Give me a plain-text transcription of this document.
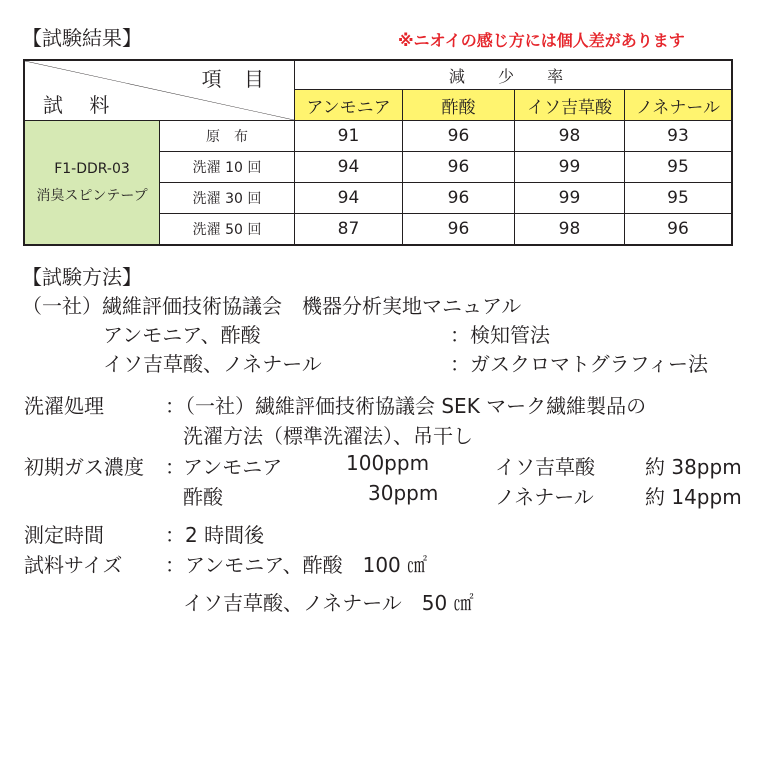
【試験結果】	※ニオイの感じ方には個人差があります
項 目
試 料		減 少 率			
		アンモニア	酢酸	イソ吉草酸	ノネナール

F1-DDR-03
消臭スピンテープ	原　布	91	96	98	93
	洗濯 10 回	94	96	99	95
	洗濯 30 回	94	96	99	95
	洗濯 50 回	87	96	98	96
【試験方法】
（一社）繊維評価技術協議会　機器分析実地マニュアル
アンモニア、酢酸	：検知管法
イソ吉草酸、ノネナール	：ガスクロマトグラフィー法
洗濯処理	：（一社）繊維評価技術協議会 SEK マーク繊維製品の
洗濯方法（標準洗濯法）、吊干し
初期ガス濃度 ：
アンモニア	100ppm	イソ吉草酸	約 38ppm
酢酸	30ppm	ノネナール	約 14ppm
測定時間	：2 時間後
試料サイズ ：アンモニア、酢酸　100 ㎠
イソ吉草酸、ノネナール　50 ㎠
